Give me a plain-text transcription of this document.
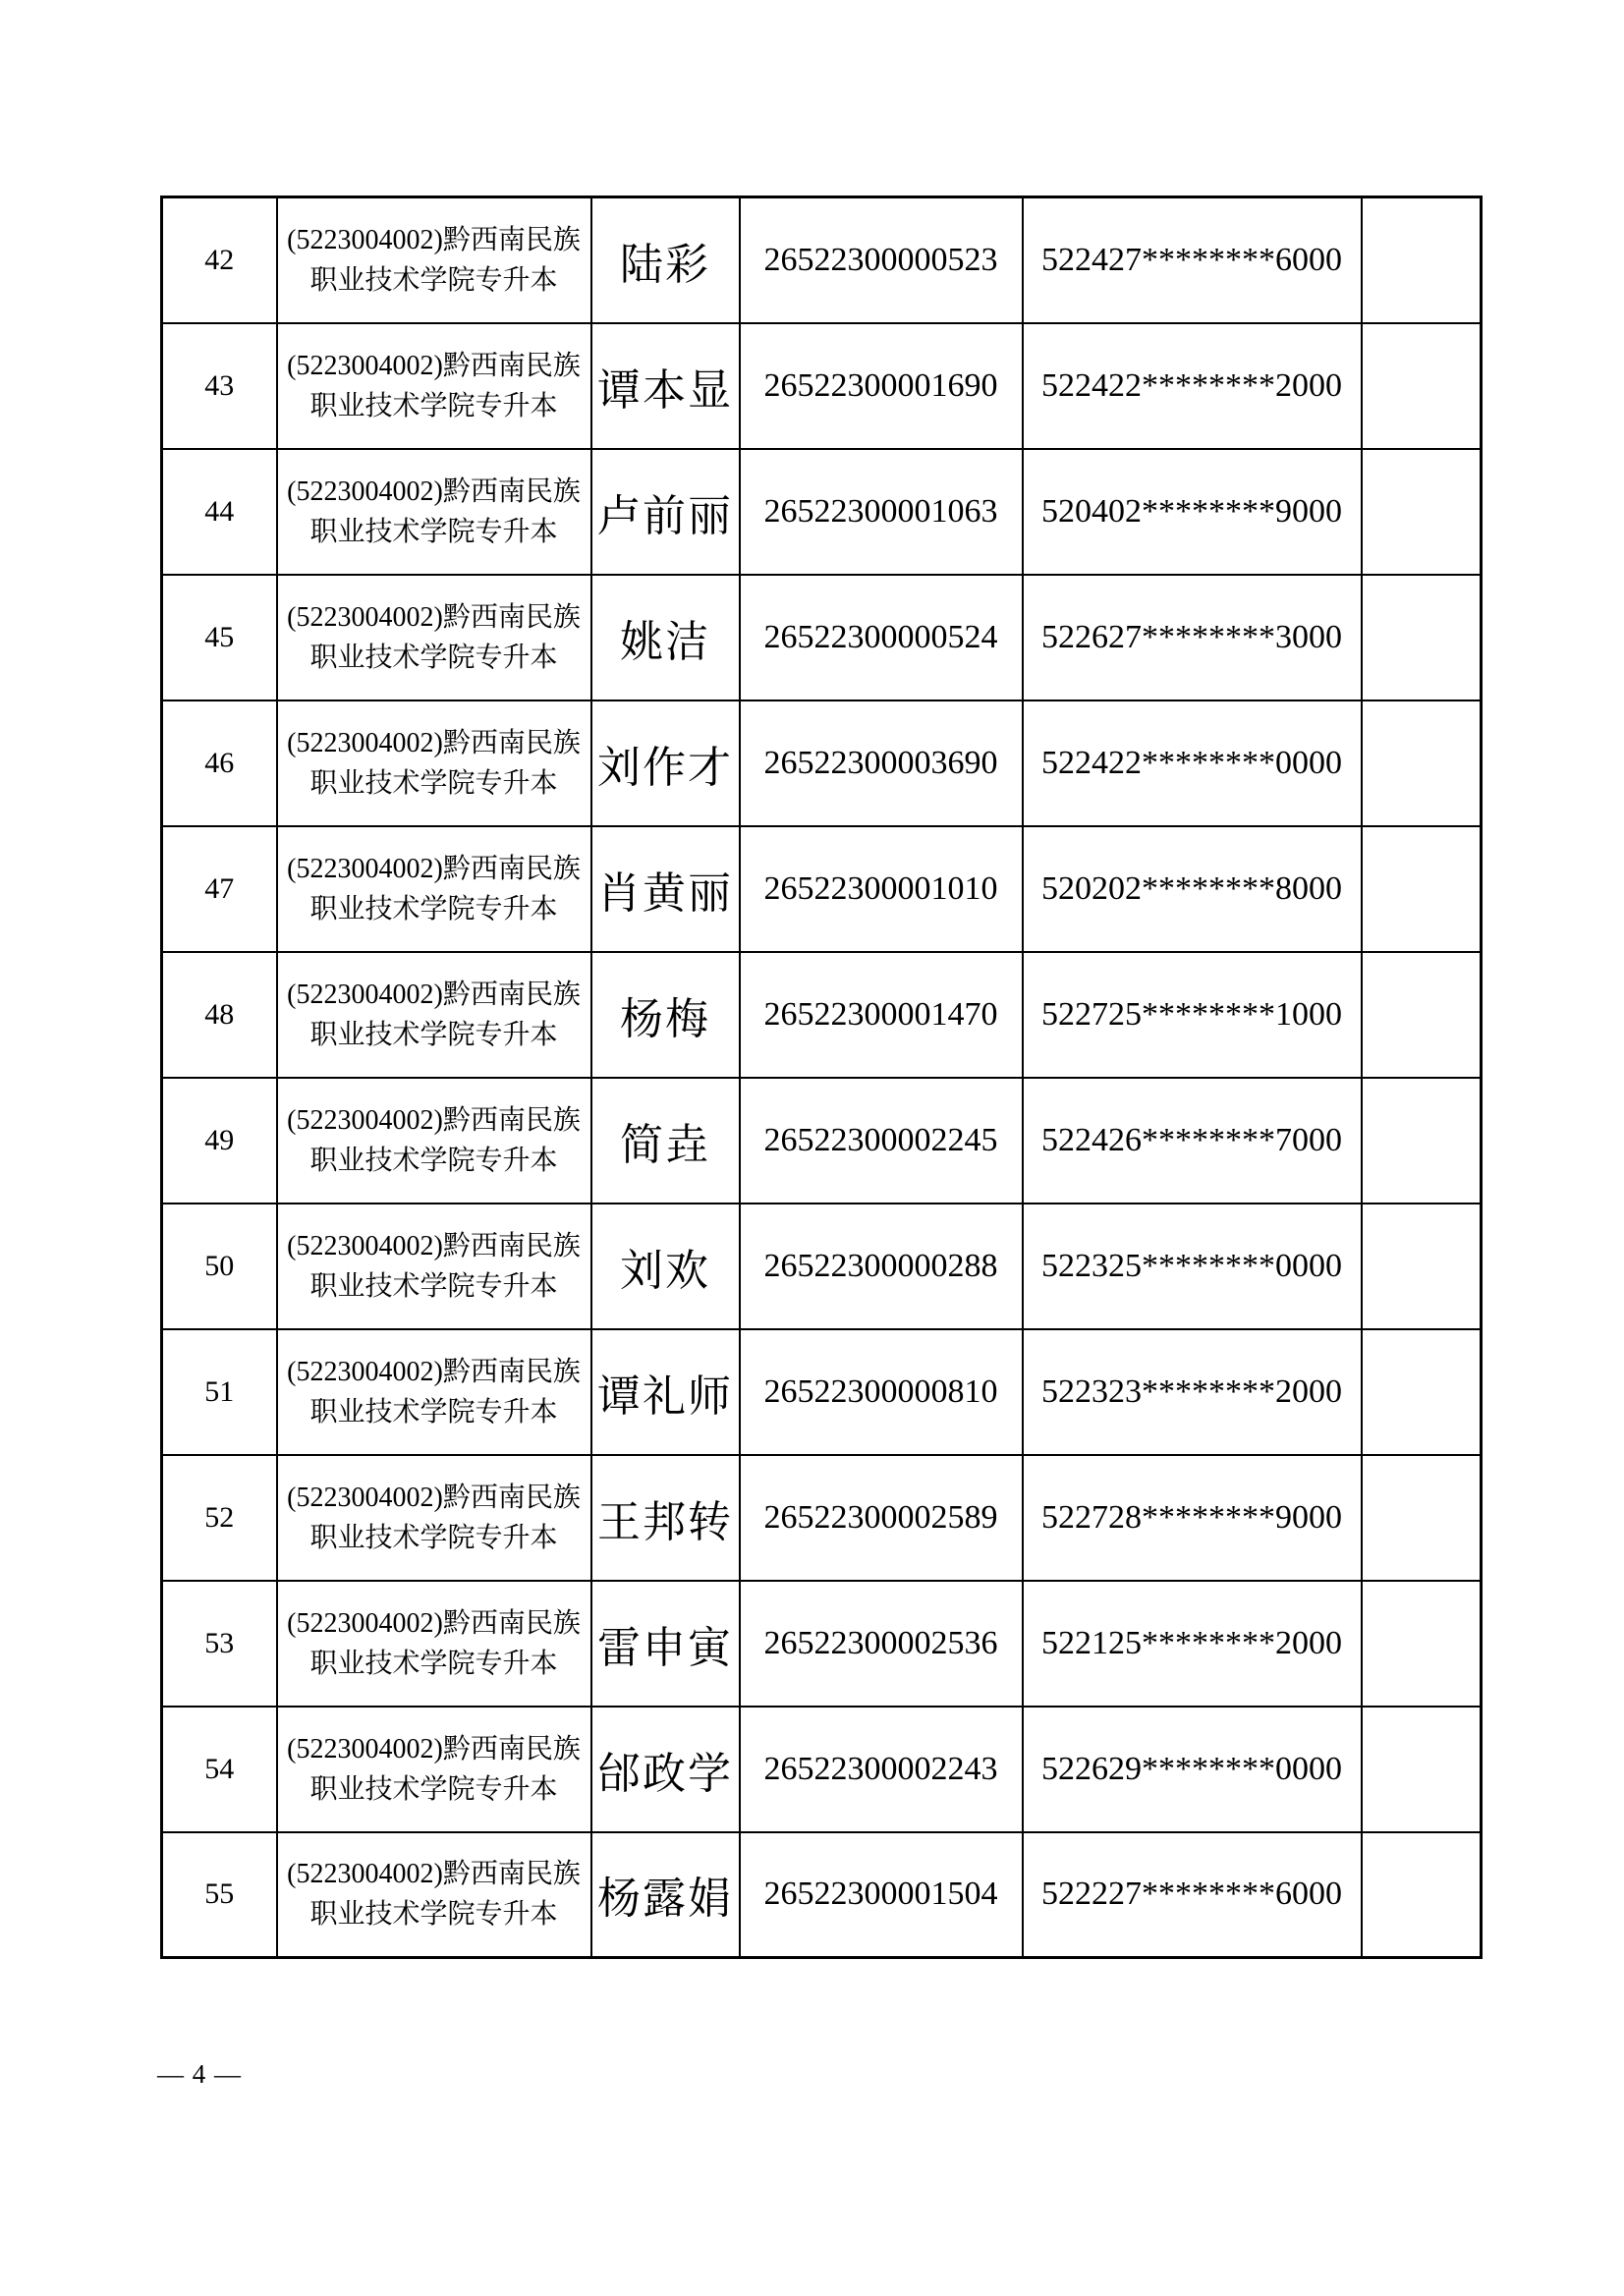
42	(5223004002)黔西南民族
职业技术学院专升本	陆彩	26522300000523	522427********6000	
43	(5223004002)黔西南民族
职业技术学院专升本	谭本显	26522300001690	522422********2000	
44	(5223004002)黔西南民族
职业技术学院专升本	卢前丽	26522300001063	520402********9000	
45	(5223004002)黔西南民族
职业技术学院专升本	姚洁	26522300000524	522627********3000	
46	(5223004002)黔西南民族
职业技术学院专升本	刘作才	26522300003690	522422********0000	
47	(5223004002)黔西南民族
职业技术学院专升本	肖黄丽	26522300001010	520202********8000	
48	(5223004002)黔西南民族
职业技术学院专升本	杨梅	26522300001470	522725********1000	
49	(5223004002)黔西南民族
职业技术学院专升本	简垚	26522300002245	522426********7000	
50	(5223004002)黔西南民族
职业技术学院专升本	刘欢	26522300000288	522325********0000	
51	(5223004002)黔西南民族
职业技术学院专升本	谭礼师	26522300000810	522323********2000	
52	(5223004002)黔西南民族
职业技术学院专升本	王邦转	26522300002589	522728********9000	
53	(5223004002)黔西南民族
职业技术学院专升本	雷申寅	26522300002536	522125********2000	
54	(5223004002)黔西南民族
职业技术学院专升本	邰政学	26522300002243	522629********0000	
55	(5223004002)黔西南民族
职业技术学院专升本	杨露娟	26522300001504	522227********6000	
— 4 —
